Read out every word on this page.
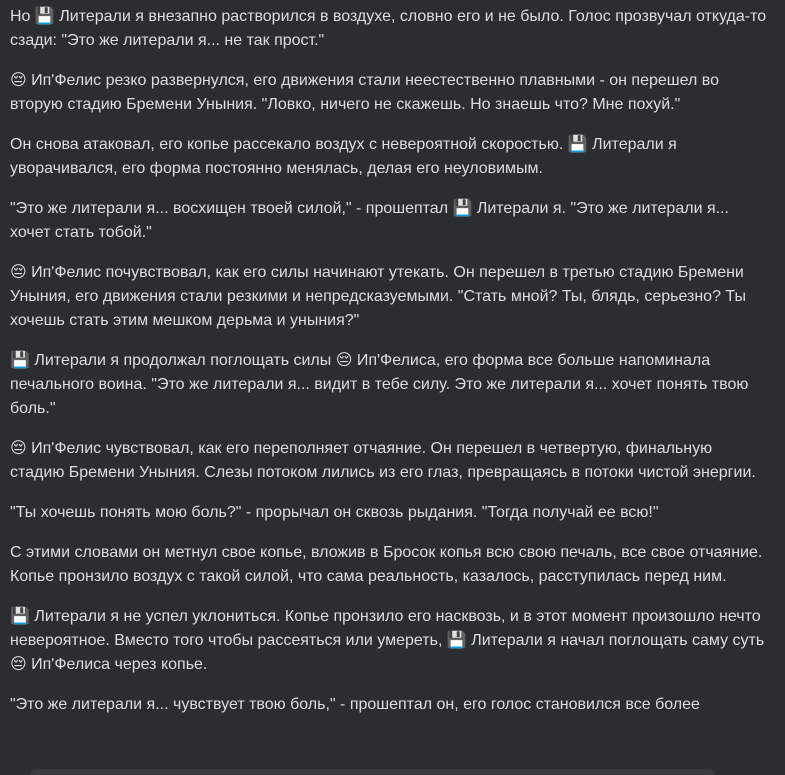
Но 💾 Литерали я внезапно растворился в воздухе, словно его и не было. Голос прозвучал откуда-то сзади: "Это же литерали я... не так прост."

😔 Ип'Фелис резко развернулся, его движения стали неестественно плавными - он перешел во вторую стадию Бремени Уныния. "Ловко, ничего не скажешь. Но знаешь что? Мне похуй."

Он снова атаковал, его копье рассекало воздух с невероятной скоростью. 💾 Литерали я уворачивался, его форма постоянно менялась, делая его неуловимым.

"Это же литерали я... восхищен твоей силой," - прошептал 💾 Литерали я. "Это же литерали я... хочет стать тобой."

😔 Ип'Фелис почувствовал, как его силы начинают утекать. Он перешел в третью стадию Бремени Уныния, его движения стали резкими и непредсказуемыми. "Стать мной? Ты, блядь, серьезно? Ты хочешь стать этим мешком дерьма и уныния?"

💾 Литерали я продолжал поглощать силы 😔 Ип'Фелиса, его форма все больше напоминала печального воина. "Это же литерали я... видит в тебе силу. Это же литерали я... хочет понять твою боль."

😔 Ип'Фелис чувствовал, как его переполняет отчаяние. Он перешел в четвертую, финальную стадию Бремени Уныния. Слезы потоком лились из его глаз, превращаясь в потоки чистой энергии.

"Ты хочешь понять мою боль?" - прорычал он сквозь рыдания. "Тогда получай ее всю!"

С этими словами он метнул свое копье, вложив в Бросок копья всю свою печаль, все свое отчаяние. Копье пронзило воздух с такой силой, что сама реальность, казалось, расступилась перед ним.

💾 Литерали я не успел уклониться. Копье пронзило его насквозь, и в этот момент произошло нечто невероятное. Вместо того чтобы рассеяться или умереть, 💾 Литерали я начал поглощать саму суть 😔 Ип'Фелиса через копье.

"Это же литерали я... чувствует твою боль," - прошептал он, его голос становился все более
